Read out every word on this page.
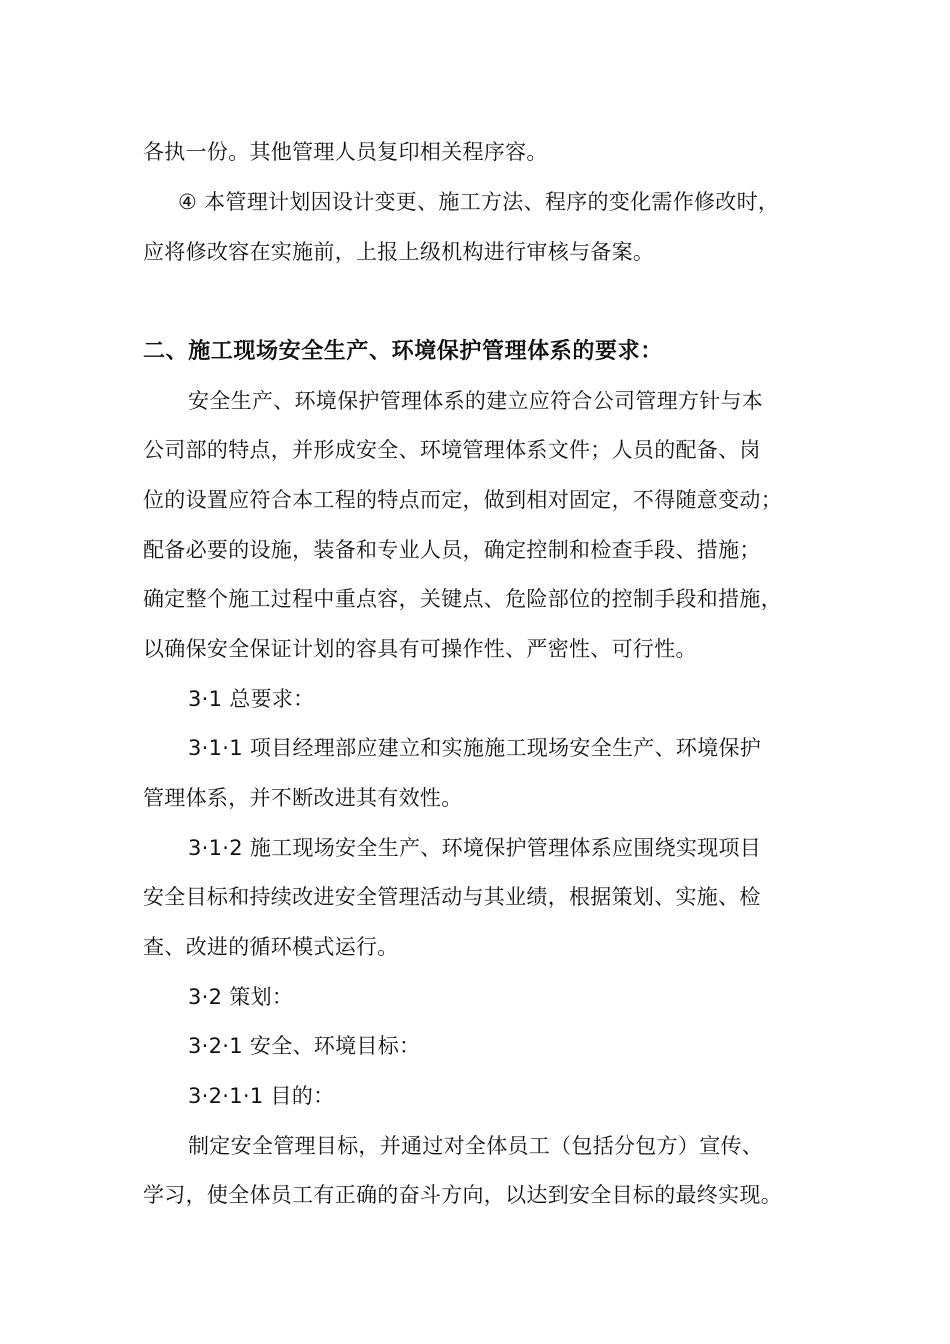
各执一份。其他管理人员复印相关程序容。
④ 本管理计划因设计变更、施工方法、程序的变化需作修改时，
应将修改容在实施前，上报上级机构进行审核与备案。
二、施工现场安全生产、环境保护管理体系的要求：
安全生产、环境保护管理体系的建立应符合公司管理方针与本
公司部的特点，并形成安全、环境管理体系文件；人员的配备、岗
位的设置应符合本工程的特点而定，做到相对固定，不得随意变动；
配备必要的设施，装备和专业人员，确定控制和检查手段、措施；
确定整个施工过程中重点容，关键点、危险部位的控制手段和措施，
以确保安全保证计划的容具有可操作性、严密性、可行性。
3·1 总要求：
3·1·1 项目经理部应建立和实施施工现场安全生产、环境保护
管理体系，并不断改进其有效性。
3·1·2 施工现场安全生产、环境保护管理体系应围绕实现项目
安全目标和持续改进安全管理活动与其业绩，根据策划、实施、检
查、改进的循环模式运行。
3·2 策划：
3·2·1 安全、环境目标：
3·2·1·1 目的：
制定安全管理目标，并通过对全体员工（包括分包方）宣传、
学习，使全体员工有正确的奋斗方向，以达到安全目标的最终实现。
